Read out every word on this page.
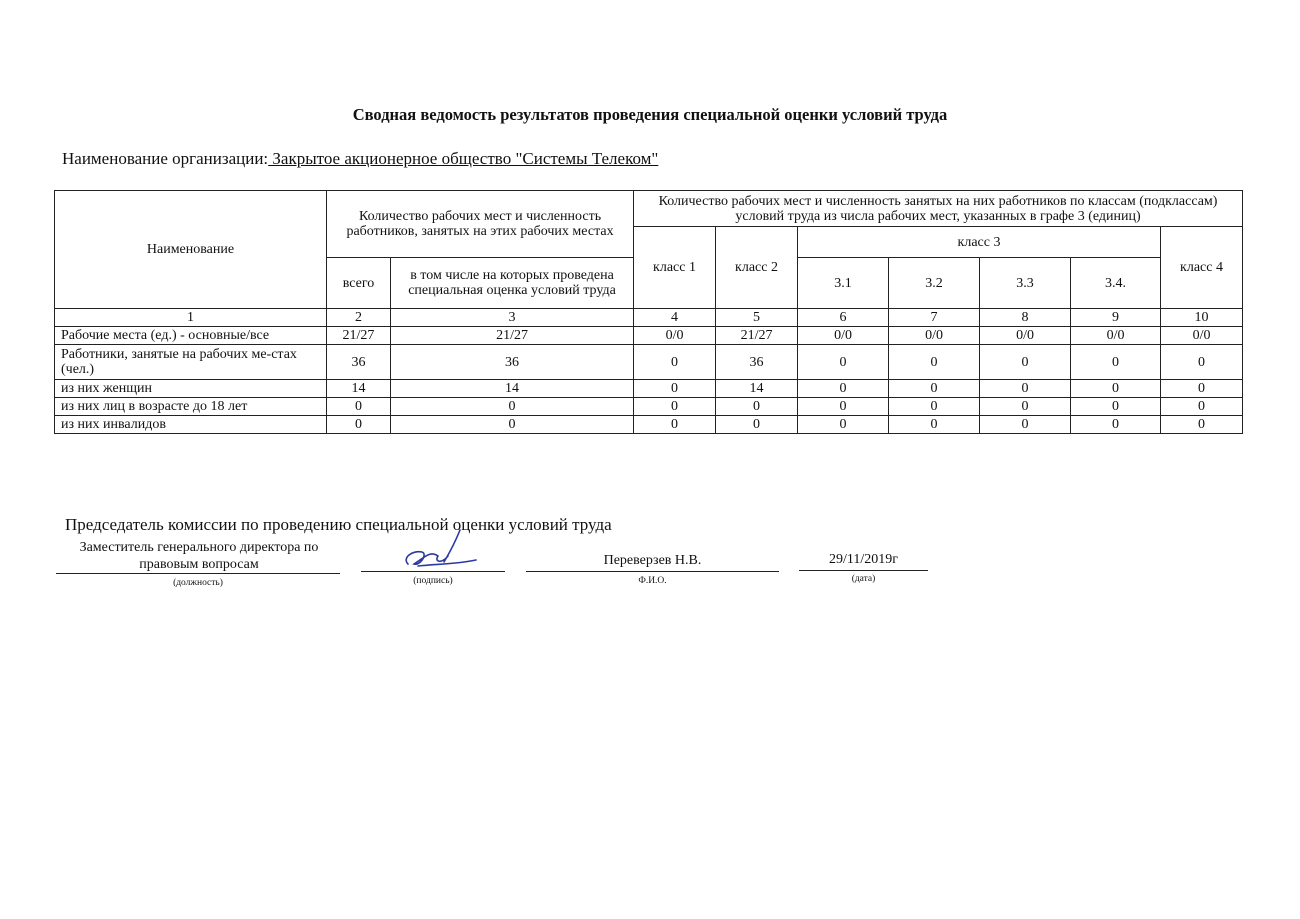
Сводная ведомость результатов проведения специальной оценки условий труда
Наименование организации: Закрытое акционерное общество "Системы Телеком"
Наименование	Количество рабочих мест и численность работников, занятых на этих рабочих местах		Количество рабочих мест и численность занятых на них работников по классам (подклассам) условий труда из числа рабочих мест, указанных в графе 3 (единиц)						
			класс 1	класс 2	класс 3				класс 4
	всего	в том числе на которых проведена специальная оценка условий труда			3.1	3.2	3.3	3.4.	
1	2	3	4	5	6	7	8	9	10
Рабочие места (ед.) - основные/все	21/27	21/27	0/0	21/27	0/0	0/0	0/0	0/0	0/0
Работники, занятые на рабочих ме-стах (чел.)	36	36	0	36	0	0	0	0	0
из них женщин	14	14	0	14	0	0	0	0	0
из них лиц в возрасте до 18 лет	0	0	0	0	0	0	0	0	0
из них инвалидов	0	0	0	0	0	0	0	0	0
Председатель комиссии по проведению специальной оценки условий труда
Заместитель генерального директора по правовым вопросам
(должность)	(подпись)
Переверзев Н.В.
Ф.И.О.
29/11/2019г
(дата)
